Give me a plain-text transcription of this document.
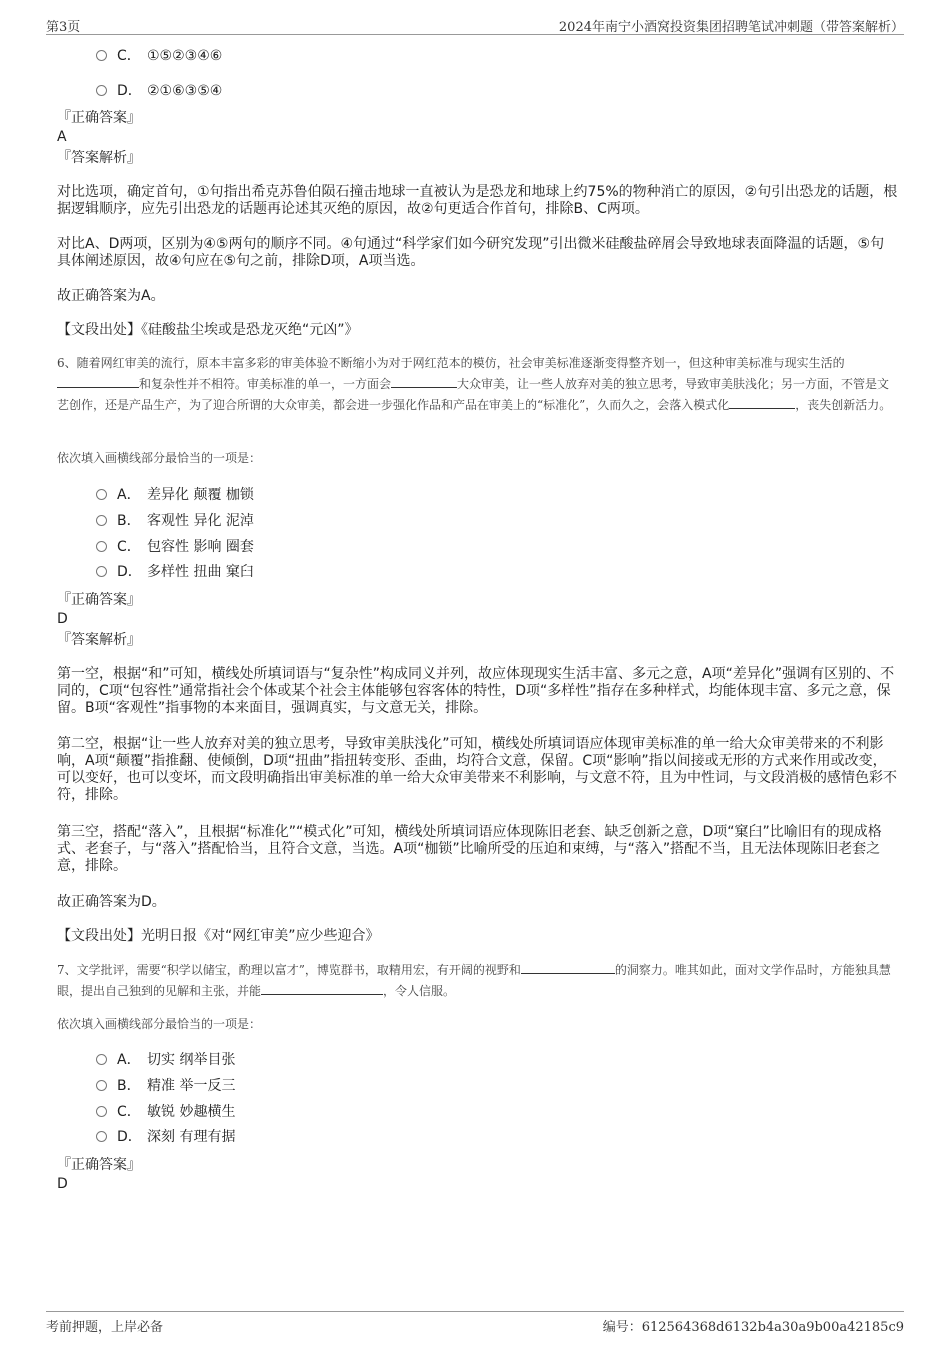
第3页	2024年南宁小酒窝投资集团招聘笔试冲刺题（带答案解析）
C． ①⑤②③④⑥
D． ②①⑥③⑤④
『正确答案』
A
『答案解析』
对比选项，确定首句，①句指出希克苏鲁伯陨石撞击地球一直被认为是恐龙和地球上约75%的物种消亡的原因，②句引出恐龙的话题，根据逻辑顺序，应先引出恐龙的话题再论述其灭绝的原因，故②句更适合作首句，排除B、C两项。
对比A、D两项，区别为④⑤两句的顺序不同。④句通过“科学家们如今研究发现”引出微米硅酸盐碎屑会导致地球表面降温的话题，⑤句具体阐述原因，故④句应在⑤句之前，排除D项，A项当选。
故正确答案为A。
【文段出处】《硅酸盐尘埃或是恐龙灭绝“元凶”》
6、随着网红审美的流行，原本丰富多彩的审美体验不断缩小为对于网红范本的模仿，社会审美标准逐渐变得整齐划一，但这种审美标准与现实生活的和复杂性并不相符。审美标准的单一，一方面会	大众审美，让一些人放弃对美的独立思考，导致审美肤浅化；另一方面，不管是文艺创作，还是产品生产，为了迎合所谓的大众审美，都会进一步强化作品和产品在审美上的“标准化”，久而久之，会落入模式化	，丧失创新活力。
依次填入画横线部分最恰当的一项是：
A． 差异化 颠覆 枷锁
B． 客观性 异化 泥淖
C． 包容性 影响 圈套
D． 多样性 扭曲 窠臼
『正确答案』
D
『答案解析』
第一空，根据“和”可知，横线处所填词语与“复杂性”构成同义并列，故应体现现实生活丰富、多元之意，A项“差异化”强调有区别的、不同的，C项“包容性”通常指社会个体或某个社会主体能够包容客体的特性，D项“多样性”指存在多种样式，均能体现丰富、多元之意，保留。B项“客观性”指事物的本来面目，强调真实，与文意无关，排除。
第二空，根据“让一些人放弃对美的独立思考，导致审美肤浅化”可知，横线处所填词语应体现审美标准的单一给大众审美带来的不利影响，A项“颠覆”指推翻、使倾倒，D项“扭曲”指扭转变形、歪曲，均符合文意，保留。C项“影响”指以间接或无形的方式来作用或改变，可以变好，也可以变坏，而文段明确指出审美标准的单一给大众审美带来不利影响，与文意不符，且为中性词，与文段消极的感情色彩不符，排除。
第三空，搭配“落入”，且根据“标准化”“模式化”可知，横线处所填词语应体现陈旧老套、缺乏创新之意，D项“窠臼”比喻旧有的现成格式、老套子，与“落入”搭配恰当，且符合文意，当选。A项“枷锁”比喻所受的压迫和束缚，与“落入”搭配不当，且无法体现陈旧老套之意，排除。
故正确答案为D。
【文段出处】光明日报《对“网红审美”应少些迎合》
7、文学批评，需要“积学以储宝，酌理以富才”，博览群书，取精用宏，有开阔的视野和	的洞察力。唯其如此，面对文学作品时，方能独具慧眼，提出自己独到的见解和主张，并能	，令人信服。
依次填入画横线部分最恰当的一项是：
A． 切实 纲举目张
B． 精准 举一反三
C． 敏锐 妙趣横生
D． 深刻 有理有据
『正确答案』
D
考前押题，上岸必备	编号：612564368d6132b4a30a9b00a42185c9
